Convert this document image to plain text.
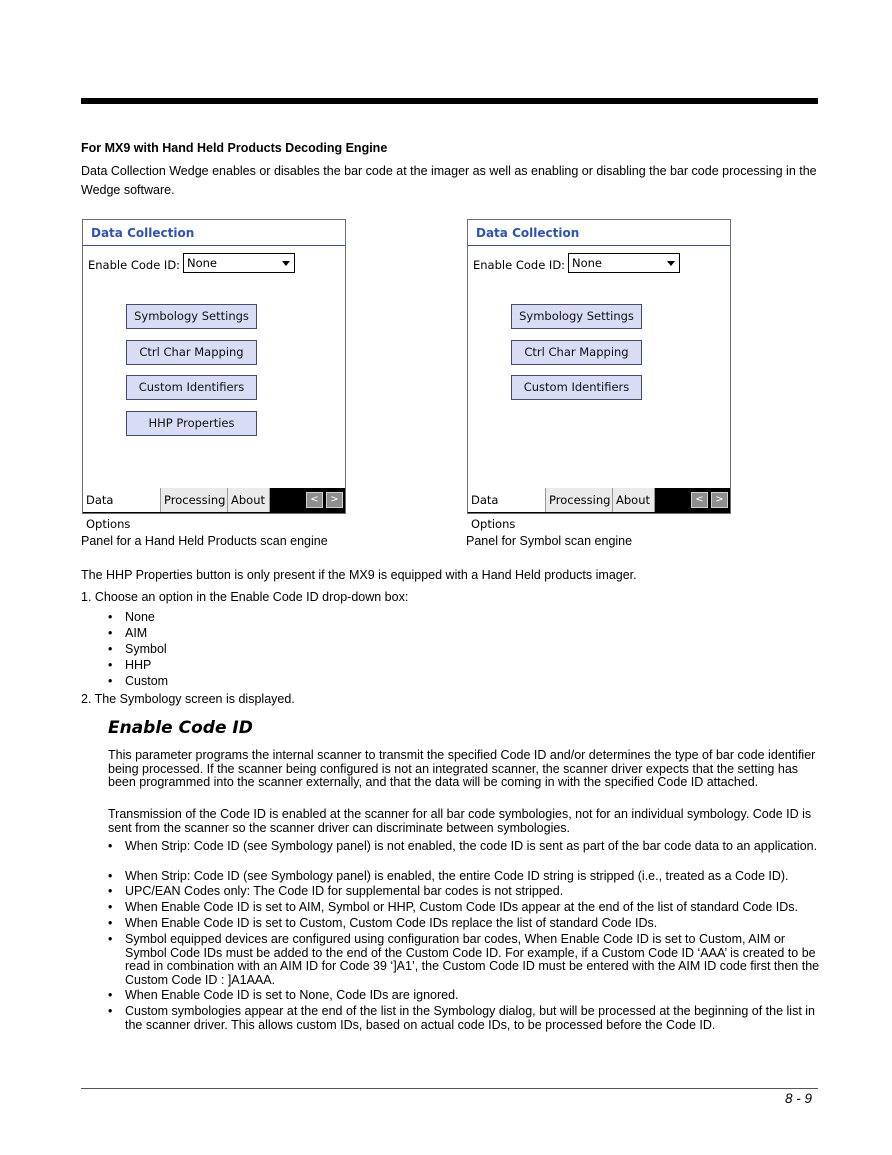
For MX9 with Hand Held Products Decoding Engine
Data Collection Wedge enables or disables the bar code at the imager as well as enabling or disabling the bar code processing in the Wedge software.
Data Collection
Enable Code ID: None
Symbology Settings
Ctrl Char Mapping
Custom Identifiers
HHP Properties
Data Options
Processing About	<	>
Data Collection
Enable Code ID: None
Symbology Settings
Ctrl Char Mapping
Custom Identifiers
Data Options
Processing About	<	>
Panel for a Hand Held Products scan engine	Panel for Symbol scan engine
The HHP Properties button is only present if the MX9 is equipped with a Hand Held products imager.
1. Choose an option in the Enable Code ID drop-down box:
• None
• AIM
• Symbol
• HHP
• Custom
2. The Symbology screen is displayed.
Enable Code ID
This parameter programs the internal scanner to transmit the specified Code ID and/or determines the type of bar code identifier being processed. If the scanner being configured is not an integrated scanner, the scanner driver expects that the setting has been programmed into the scanner externally, and that the data will be coming in with the specified Code ID attached.
Transmission of the Code ID is enabled at the scanner for all bar code symbologies, not for an individual symbology. Code ID is sent from the scanner so the scanner driver can discriminate between symbologies.
• When Strip: Code ID (see Symbology panel) is not enabled, the code ID is sent as part of the bar code data to an application.
• When Strip: Code ID (see Symbology panel) is enabled, the entire Code ID string is stripped (i.e., treated as a Code ID).
• UPC/EAN Codes only: The Code ID for supplemental bar codes is not stripped.
• When Enable Code ID is set to AIM, Symbol or HHP, Custom Code IDs appear at the end of the list of standard Code IDs.
• When Enable Code ID is set to Custom, Custom Code IDs replace the list of standard Code IDs.
• Symbol equipped devices are configured using configuration bar codes, When Enable Code ID is set to Custom, AIM or Symbol Code IDs must be added to the end of the Custom Code ID. For example, if a Custom Code ID ‘AAA’ is created to be read in combination with an AIM ID for Code 39 ‘]A1’, the Custom Code ID must be entered with the AIM ID code first then the Custom Code ID : ]A1AAA.
• When Enable Code ID is set to None, Code IDs are ignored.
• Custom symbologies appear at the end of the list in the Symbology dialog, but will be processed at the beginning of the list in the scanner driver. This allows custom IDs, based on actual code IDs, to be processed before the Code ID.
8 - 9
